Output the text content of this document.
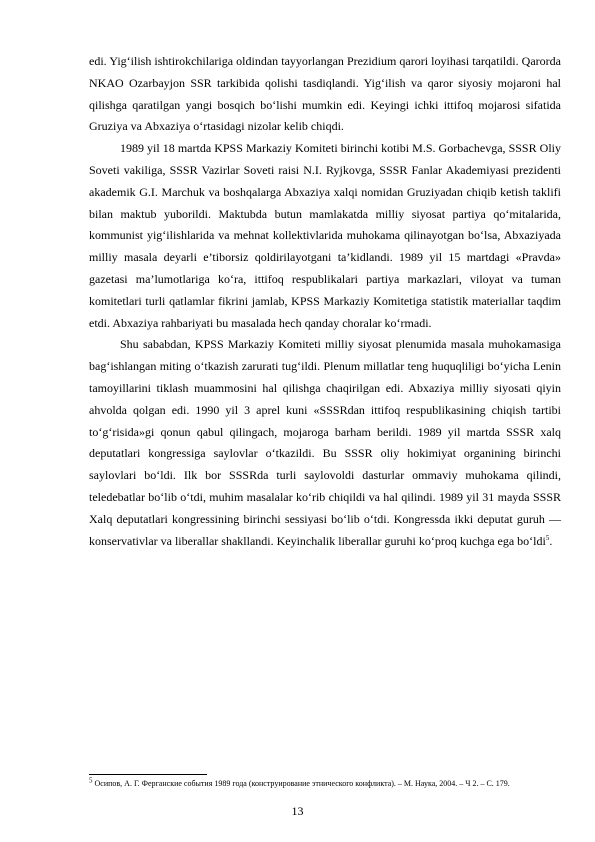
edi. Yig‘ilish ishtirokchilariga oldindan tayyorlangan Prezidium qarori loyihasi tarqatildi. Qarorda NKAO Ozarbayjon SSR tarkibida qolishi tasdiqlandi. Yig‘ilish va qaror siyosiy mojaroni hal qilishga qaratilgan yangi bosqich bo‘lishi mumkin edi. Keyingi ichki ittifoq mojarosi sifatida Gruziya va Abxaziya o‘rtasidagi nizolar kelib chiqdi.

1989 yil 18 martda KPSS Markaziy Komiteti birinchi kotibi M.S. Gorbachevga, SSSR Oliy Soveti vakiliga, SSSR Vazirlar Soveti raisi N.I. Ryjkovga, SSSR Fanlar Akademiyasi prezidenti akademik G.I. Marchuk va boshqalarga Abxaziya xalqi nomidan Gruziyadan chiqib ketish taklifi bilan maktub yuborildi. Maktubda butun mamlakatda milliy siyosat partiya qo‘mitalarida, kommunist yig‘ilishlarida va mehnat kollektivlarida muhokama qilinayotgan bo‘lsa, Abxaziyada milliy masala deyarli e’tiborsiz qoldirilayotgani ta’kidlandi. 1989 yil 15 martdagi «Pravda» gazetasi ma’lumotlariga ko‘ra, ittifoq respublikalari partiya markazlari, viloyat va tuman komitetlari turli qatlamlar fikrini jamlab, KPSS Markaziy Komitetiga statistik materiallar taqdim etdi. Abxaziya rahbariyati bu masalada hech qanday choralar ko‘rmadi.

Shu sababdan, KPSS Markaziy Komiteti milliy siyosat plenumida masala muhokamasiga bag‘ishlangan miting o‘tkazish zarurati tug‘ildi. Plenum millatlar teng huquqliligi bo‘yicha Lenin tamoyillarini tiklash muammosini hal qilishga chaqirilgan edi. Abxaziya milliy siyosati qiyin ahvolda qolgan edi. 1990 yil 3 aprel kuni «SSSRdan ittifoq respublikasining chiqish tartibi to‘g‘risida»gi qonun qabul qilingach, mojaroga barham berildi. 1989 yil martda SSSR xalq deputatlari kongressiga saylovlar o‘tkazildi. Bu SSSR oliy hokimiyat organining birinchi saylovlari bo‘ldi. Ilk bor SSSRda turli saylovoldi dasturlar ommaviy muhokama qilindi, teledebatlar bo‘lib o‘tdi, muhim masalalar ko‘rib chiqildi va hal qilindi. 1989 yil 31 mayda SSSR Xalq deputatlari kongressining birinchi sessiyasi bo‘lib o‘tdi. Kongressda ikki deputat guruh — konservativlar va liberallar shakllandi. Keyinchalik liberallar guruhi ko‘proq kuchga ega bo‘ldi$^5$.

$^5$ Осипов, А. Г. Ферганские события 1989 года (конструирование этнического конфликта). – М. Наука, 2004. – Ч 2. – С. 179.

13
